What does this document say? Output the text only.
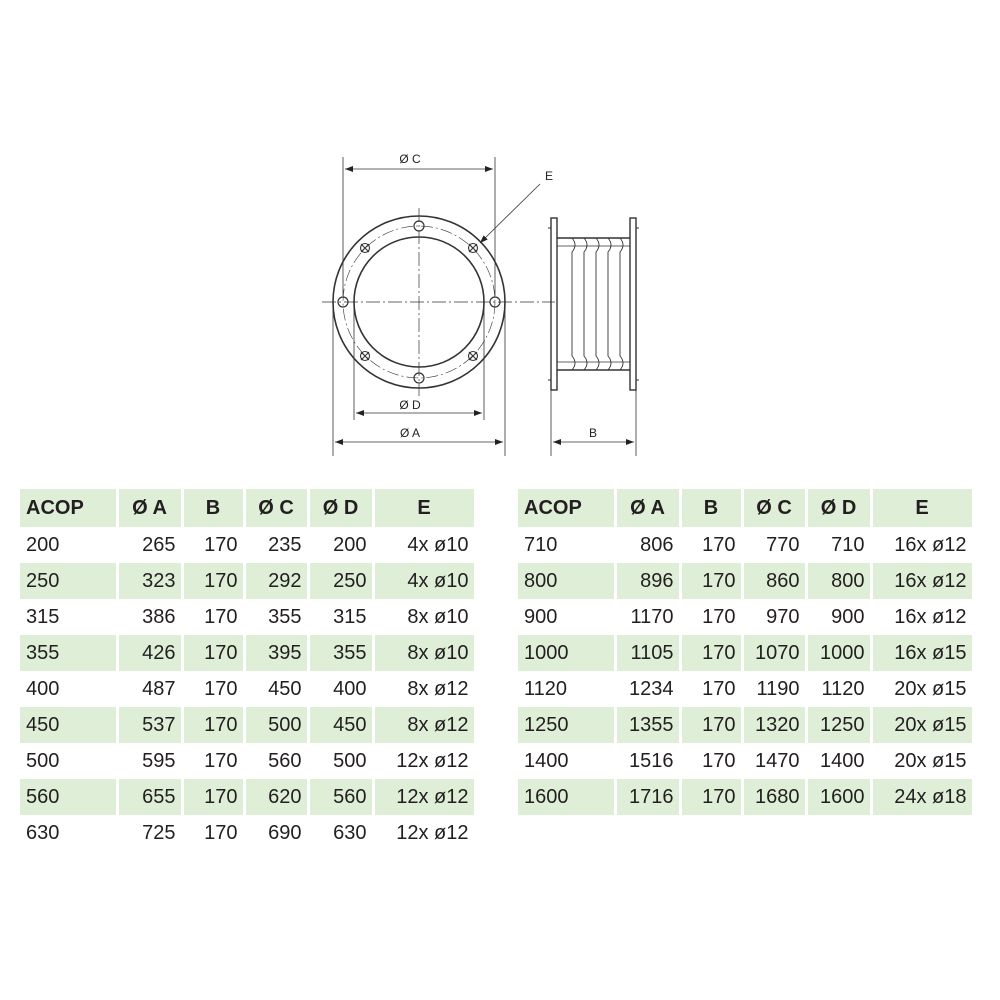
Ø C
Ø D
Ø A
E
B
ACOP	Ø A	B	Ø C	Ø D	E
200	265	170	235	200	4x ø10
250	323	170	292	250	4x ø10
315	386	170	355	315	8x ø10
355	426	170	395	355	8x ø10
400	487	170	450	400	8x ø12
450	537	170	500	450	8x ø12
500	595	170	560	500	12x ø12
560	655	170	620	560	12x ø12
630	725	170	690	630	12x ø12
ACOP	Ø A	B	Ø C	Ø D	E
710	806	170	770	710	16x ø12
800	896	170	860	800	16x ø12
900	1170	170	970	900	16x ø12
1000	1105	170	1070	1000	16x ø15
1120	1234	170	1190	1120	20x ø15
1250	1355	170	1320	1250	20x ø15
1400	1516	170	1470	1400	20x ø15
1600	1716	170	1680	1600	24x ø18
